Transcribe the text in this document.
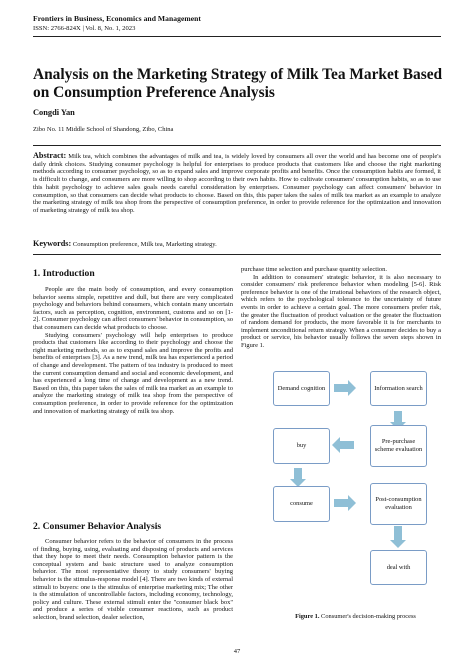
Frontiers in Business, Economics and Management
ISSN: 2766-824X | Vol. 8, No. 1, 2023
Analysis on the Marketing Strategy of Milk Tea Market Based on Consumption Preference Analysis
Congdi Yan
Zibo No. 11 Middle School of Shandong, Zibo, China
Abstract: Milk tea, which combines the advantages of milk and tea, is widely loved by consumers all over the world and has become one of people's daily drink choices. Studying consumer psychology is helpful for enterprises to produce products that customers like and choose the right marketing methods according to consumer psychology, so as to expand sales and improve corporate profits and benefits. Once the consumption habits are formed, it is difficult to change, and consumers are more willing to shop according to their own habits. How to cultivate consumers' consumption habits, so as to use this habit psychology to achieve sales goals needs careful consideration by enterprises. Consumer psychology can affect consumers' behavior in consumption, so that consumers can decide what products to choose. Based on this, this paper takes the sales of milk tea market as an example to analyze the marketing strategy of milk tea shop from the perspective of consumption preference, in order to provide reference for the optimization and innovation of marketing strategy of milk tea shop.
Keywords: Consumption preference, Milk tea, Marketing strategy.
1. Introduction

People are the main body of consumption, and every consumption behavior seems simple, repetitive and dull, but there are very complicated psychology and behaviors behind consumers, which contain many uncertain factors, such as perception, cognition, environment, customs and so on [1-2]. Consumer psychology can affect consumers' behavior in consumption, so that consumers can decide what products to choose.

Studying consumers' psychology will help enterprises to produce products that customers like according to their psychology and choose the right marketing methods, so as to expand sales and improve the profits and benefits of enterprises [3]. As a new trend, milk tea has experienced a period of change and development. The pattern of tea industry is produced to meet the current consumption demand and social and economic development, and has experienced a long time of change and development as a new trend. Based on this, this paper takes the sales of milk tea market as an example to analyze the marketing strategy of milk tea shop from the perspective of consumption preference, in order to provide reference for the optimization and innovation of marketing strategy of milk tea shop.

2. Consumer Behavior Analysis

Consumer behavior refers to the behavior of consumers in the process of finding, buying, using, evaluating and disposing of products and services that they hope to meet their needs. Consumption behavior pattern is the conceptual system and basic structure used to analyze consumption behavior. The most representative theory to study consumers' buying behavior is the stimulus-response model [4]. There are two kinds of external stimuli to buyers: one is the stimulus of enterprise marketing mix; The other is the stimulation of uncontrollable factors, including economy, technology, policy and culture. These external stimuli enter the "consumer black box" and produce a series of visible consumer reactions, such as product selection, brand selection, dealer selection,

purchase time selection and purchase quantity selection.

In addition to consumers' strategic behavior, it is also necessary to consider consumers' risk preference behavior when modeling [5-6]. Risk preference behavior is one of the irrational behaviors of the research object, which refers to the psychological tolerance to the uncertainty of future events in order to achieve a certain goal. The more consumers prefer risk, the greater the fluctuation of product valuation or the greater the fluctuation of random demand for products, the more favorable it is for merchants to implement unconditional return strategy. When a consumer decides to buy a product or service, his behavior usually follows the seven steps shown in Figure 1.

Demand cognition	Information search
buy
Pre-purchase scheme evaluation
consume
Post-consumption evaluation
deal with
Figure 1. Consumer's decision-making process
47
